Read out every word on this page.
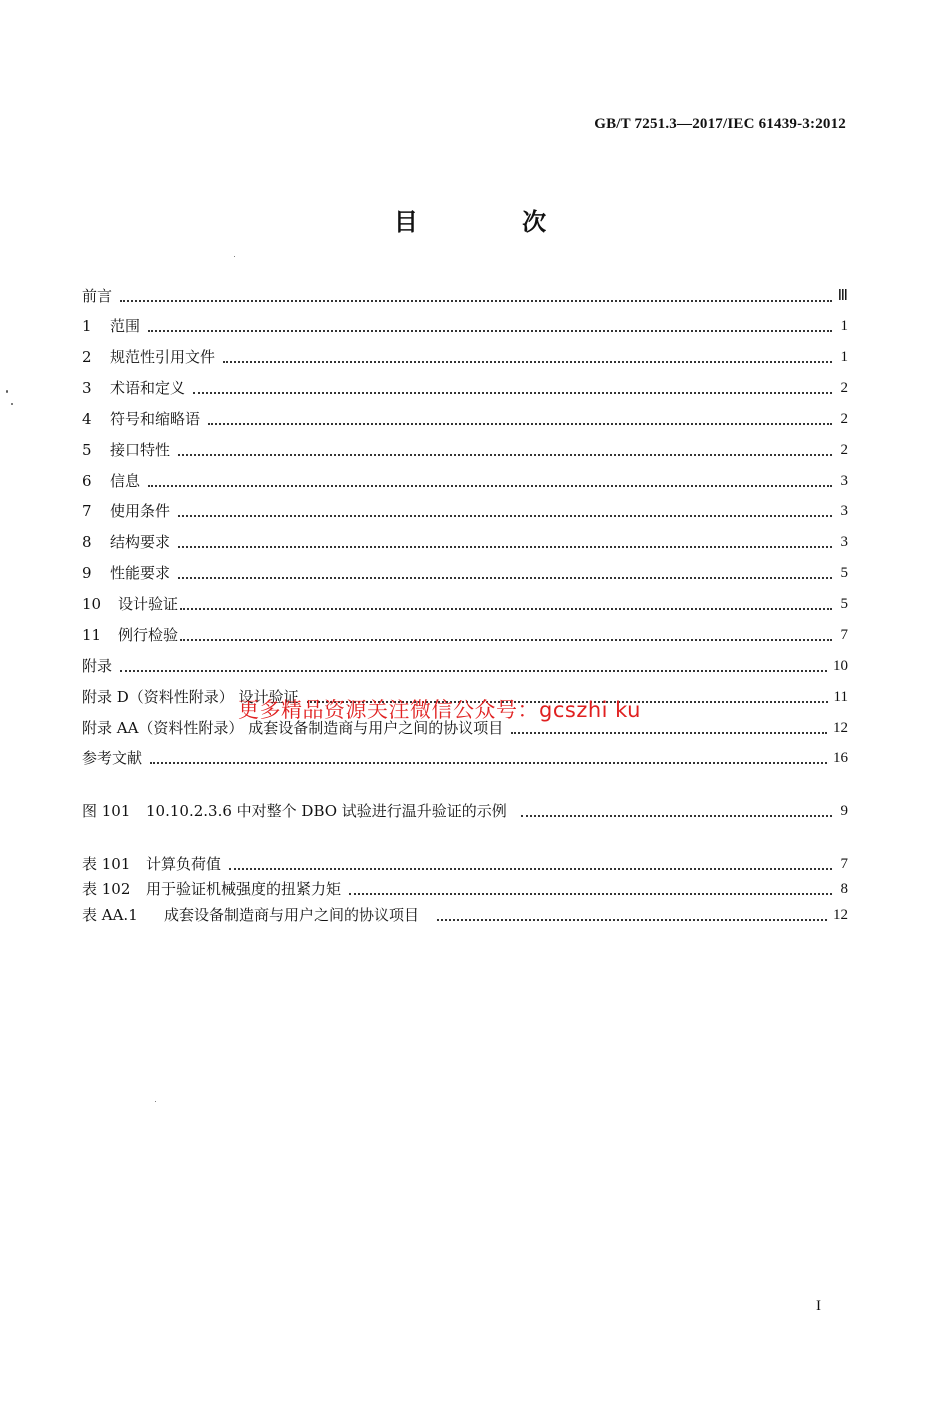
GB/T 7251.3—2017/IEC 61439-3:2012
目 次
前言	Ⅲ
1	范围	1
2	规范性引用文件	1
3	术语和定义	2
4	符号和缩略语	2
5	接口特性	2
6	信息	3
7	使用条件	3
8	结构要求	3
9	性能要求	5
10	设计验证	5
11	例行检验	7
附录	10
附录 D（资料性附录） 设计验证	11
附录 AA（资料性附录） 成套设备制造商与用户之间的协议项目	12
参考文献	16
图 101	10.10.2.3.6 中对整个 DBO 试验进行温升验证的示例	9
表 101	计算负荷值	7
表 102	用于验证机械强度的扭紧力矩	8
表 AA.1	成套设备制造商与用户之间的协议项目	12
更多精品资源关注微信公众号：gcszhi ku
I
